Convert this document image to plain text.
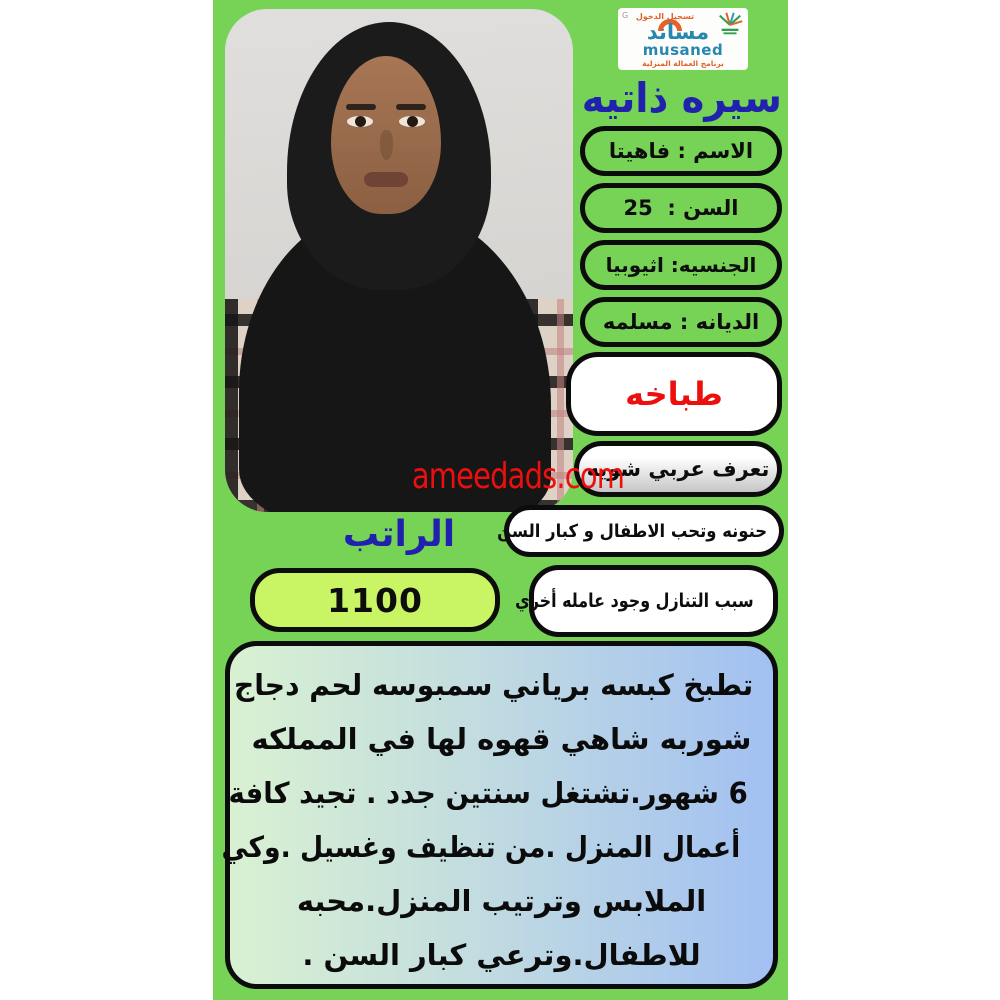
G تسجيل الدخول
مساند
musaned
برنامج العمالة المنزلية
سيره ذاتيه
الاسم : فاهيتا
السن :  25
الجنسيه: اثيوبيا
الديانه : مسلمه
طباخه
تعرف عربي شويه
حنونه وتحب الاطفال و كبار السن
سبب التنازل وجود عامله أخري
الراتب
1100
تطبخ كبسه برياني سمبوسه لحم دجاج
شوربه شاهي قهوه لها في المملكه
6 شهور.تشتغل سنتين جدد . تجيد كافة
أعمال المنزل .من تنظيف وغسيل .وكي
الملابس وترتيب المنزل.محبه
للاطفال.وترعي كبار السن .
ameedads.com
